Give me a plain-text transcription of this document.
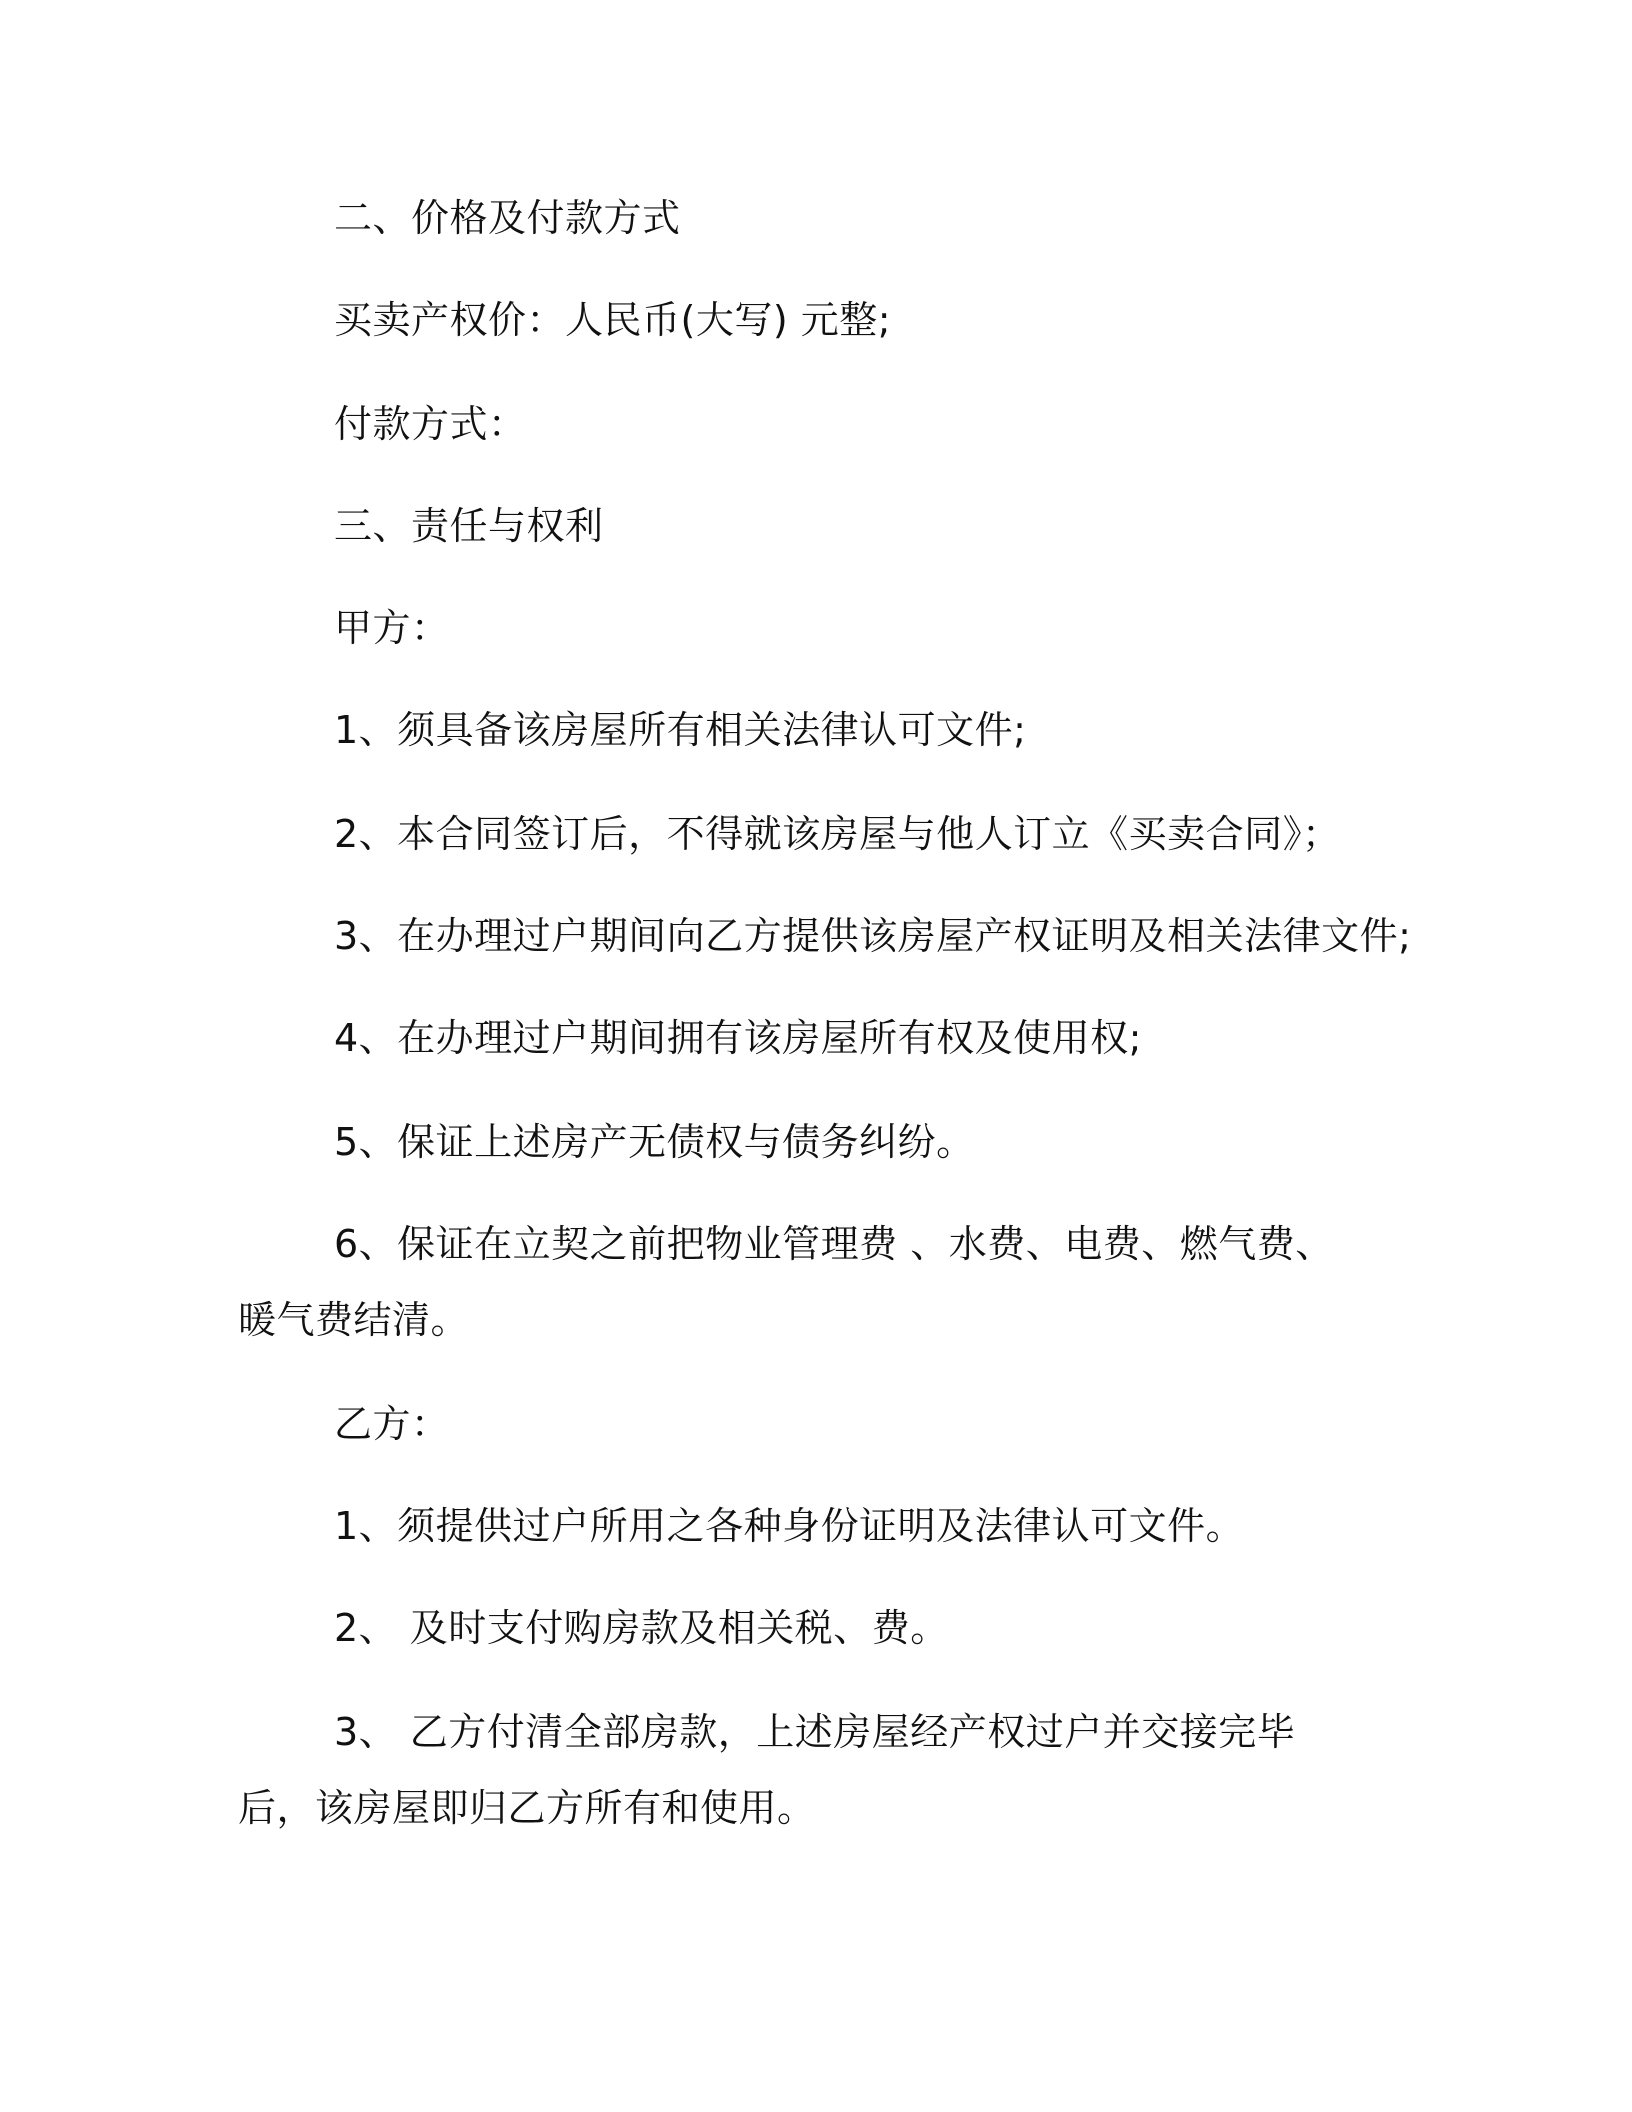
二、价格及付款方式

买卖产权价：人民币(大写) 元整;

付款方式：

三、责任与权利

甲方：

1、须具备该房屋所有相关法律认可文件;

2、本合同签订后，不得就该房屋与他人订立《买卖合同》；

3、在办理过户期间向乙方提供该房屋产权证明及相关法律文件;

4、在办理过户期间拥有该房屋所有权及使用权;

5、保证上述房产无债权与债务纠纷。

6、保证在立契之前把物业管理费 、水费、电费、燃气费、暖气费结清。

乙方：

1、须提供过户所用之各种身份证明及法律认可文件。

2、 及时支付购房款及相关税、费。

3、 乙方付清全部房款，上述房屋经产权过户并交接完毕后，该房屋即归乙方所有和使用。
